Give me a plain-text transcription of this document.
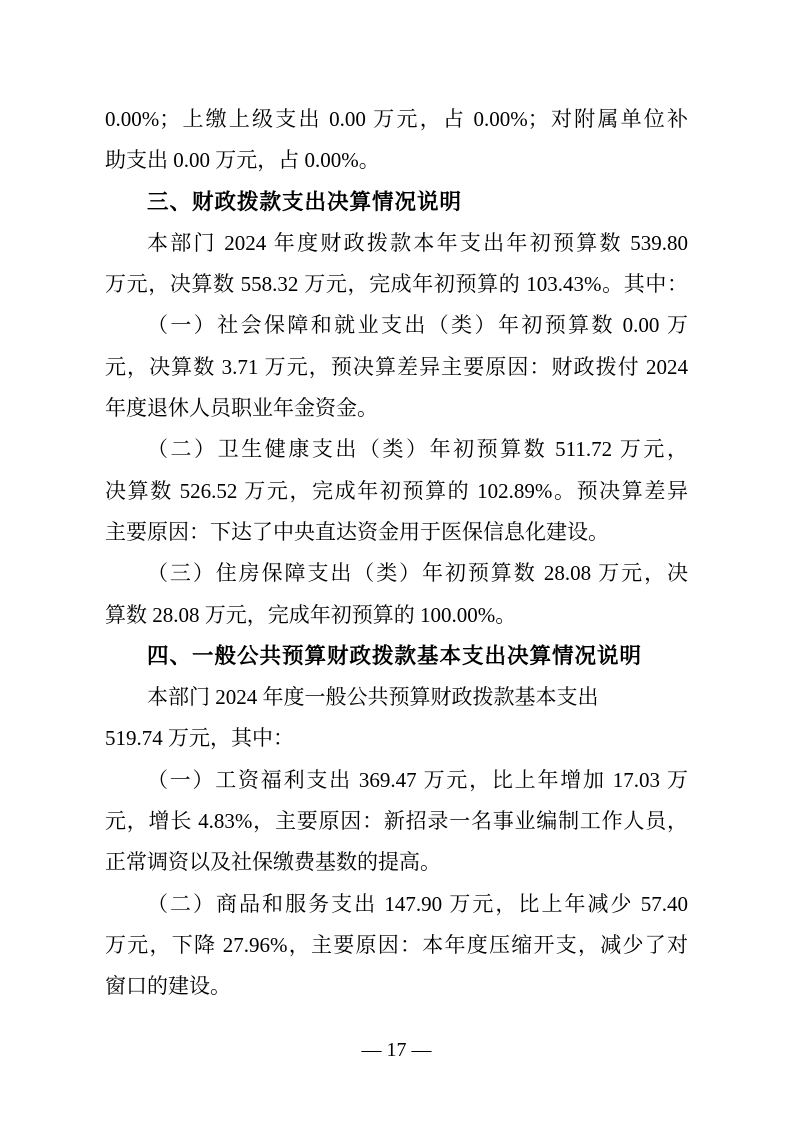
0.00%；上缴上级支出 0.00 万元，占 0.00%；对附属单位补
助支出 0.00 万元，占 0.00%。
三、财政拨款支出决算情况说明
本部门 2024 年度财政拨款本年支出年初预算数 539.80
万元，决算数 558.32 万元，完成年初预算的 103.43%。其中：
（一）社会保障和就业支出（类）年初预算数 0.00 万
元，决算数 3.71 万元，预决算差异主要原因：财政拨付 2024
年度退休人员职业年金资金。
（二）卫生健康支出（类）年初预算数 511.72 万元，
决算数 526.52 万元，完成年初预算的 102.89%。预决算差异
主要原因：下达了中央直达资金用于医保信息化建设。
（三）住房保障支出（类）年初预算数 28.08 万元，决
算数 28.08 万元，完成年初预算的 100.00%。
四、一般公共预算财政拨款基本支出决算情况说明
本部门 2024 年度一般公共预算财政拨款基本支出
519.74 万元，其中：
（一）工资福利支出 369.47 万元，比上年增加 17.03 万
元，增长 4.83%，主要原因：新招录一名事业编制工作人员，
正常调资以及社保缴费基数的提高。
（二）商品和服务支出 147.90 万元，比上年减少 57.40
万元，下降 27.96%，主要原因：本年度压缩开支，减少了对
窗口的建设。
— 17 —
